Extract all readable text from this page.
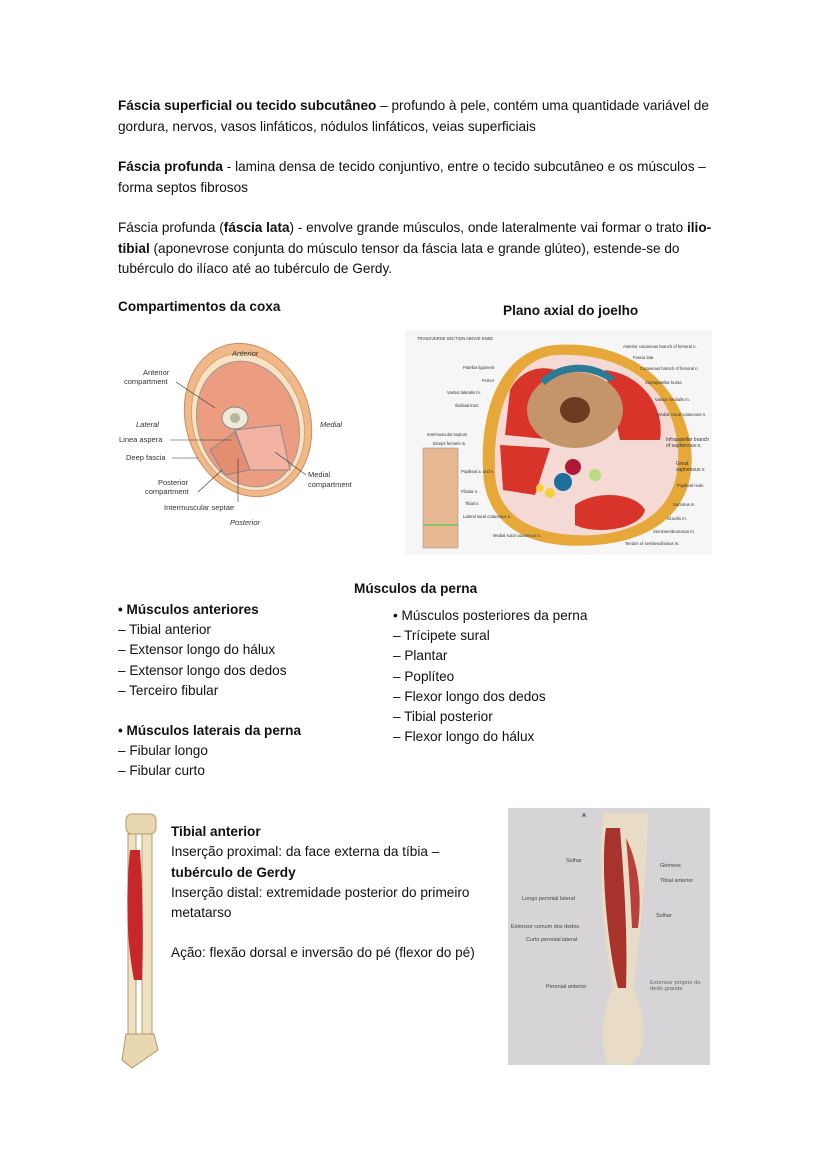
Fáscia superficial ou tecido subcutâneo – profundo à pele, contém uma quantidade variável de gordura, nervos, vasos linfáticos, nódulos linfáticos, veias superficiais
Fáscia profunda - lamina densa de tecido conjuntivo, entre o tecido subcutâneo e os músculos – forma septos fibrosos
Fáscia profunda (fáscia lata) - envolve grande músculos, onde lateralmente vai formar o trato ilio-tibial (aponevrose conjunta do músculo tensor da fáscia lata e grande glúteo), estende-se do tubérculo do ilíaco até ao tubérculo de Gerdy.
Compartimentos da coxa	Plano axial do joelho
Anterior
Anterior
compartment
Lateral	Medial
Linea aspera
Deep fascia
Posterior
compartment
Medial
compartment
Intermuscular septae
Posterior
TRANSVERSE SECTION ABOVE KNEE
Patellar ligament
Femur
Vastus lateralis m.
Iliotibial tract
Intermuscular septum
Biceps femoris m.
Popliteal a. and v.
Fibular n.
Tibial n.
Lateral sural cutaneous n.
Medial sural cutaneous n.
Anterior cutaneous branch of femoral n.
Fascia lata
Cutaneous branch of femoral n.
Suprapatellar bursa
Vastus medialis m.
Medial crural cutaneous n.
Popliteal node
Sartorius m.
Gracilis m.
Semimembranosus m.
Tendon of semitendinosus m.
Infrapatellar branch of saphenous n.
Great saphenous v.
Músculos da perna
• Músculos anteriores
– Tibial anterior
– Extensor longo do hálux
– Extensor longo dos dedos
– Terceiro fibular
• Músculos laterais da perna
– Fibular longo
– Fibular curto
• Músculos posteriores da perna
– Trícipete sural
– Plantar
– Poplíteo
– Flexor longo dos dedos
– Tibial posterior
– Flexor longo do hálux
Tibial anterior
Inserção proximal: da face externa da tíbia –
tubérculo de Gerdy
Inserção distal: extremidade posterior do primeiro metatarso
Ação: flexão dorsal e inversão do pé (flexor do pé)
A
Solhar
Longo peronial lateral
Extensor comum dos dedos
Curto peronial lateral
Peronial anterior
Gémeos
Tibial anterior
Solhar
Extensor próprio do dedo grande
